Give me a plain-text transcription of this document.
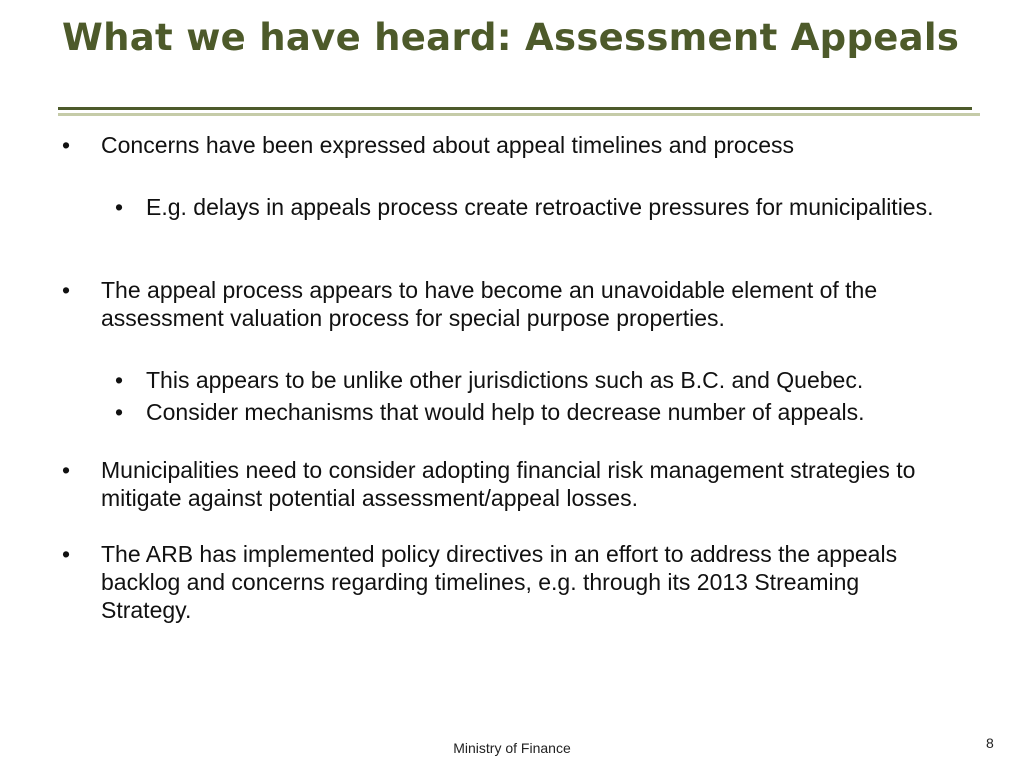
What we have heard: Assessment Appeals
• Concerns have been expressed about appeal timelines and process
• E.g. delays in appeals process create retroactive pressures for municipalities.
• The appeal process appears to have become an unavoidable element of the assessment valuation process for special purpose properties.
• This appears to be unlike other jurisdictions such as B.C. and Quebec.
• Consider mechanisms that would help to decrease number of appeals.
• Municipalities need to consider adopting financial risk management strategies to mitigate against potential assessment/appeal losses.
• The ARB has implemented policy directives in an effort to address the appeals backlog and concerns regarding timelines, e.g. through its 2013 Streaming Strategy.
Ministry of Finance	8
